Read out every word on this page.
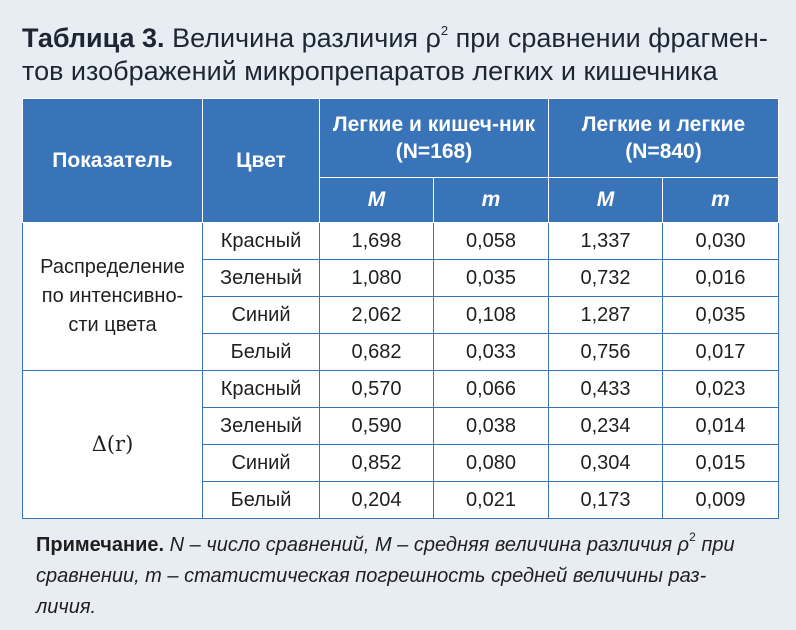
Таблица 3. Величина различия $\rho^2$ при сравнении фрагмен-тов изображений микропрепаратов легких и кишечника
Показатель	Цвет	Легкие и кишеч-ник (N=168)		Легкие и легкие (N=840)	
		M	m	M	m
Распределение по интенсивно-сти цвета	Красный	1,698	0,058	1,337	0,030
	Зеленый	1,080	0,035	0,732	0,016
	Синий	2,062	0,108	1,287	0,035
	Белый	0,682	0,033	0,756	0,017
Δ(r)	Красный	0,570	0,066	0,433	0,023
	Зеленый	0,590	0,038	0,234	0,014
	Синий	0,852	0,080	0,304	0,015
	Белый	0,204	0,021	0,173	0,009
Примечание. N – число сравнений, M – средняя величина различия $\rho^2$ при сравнении, m – статистическая погрешность средней величины раз-личия.
